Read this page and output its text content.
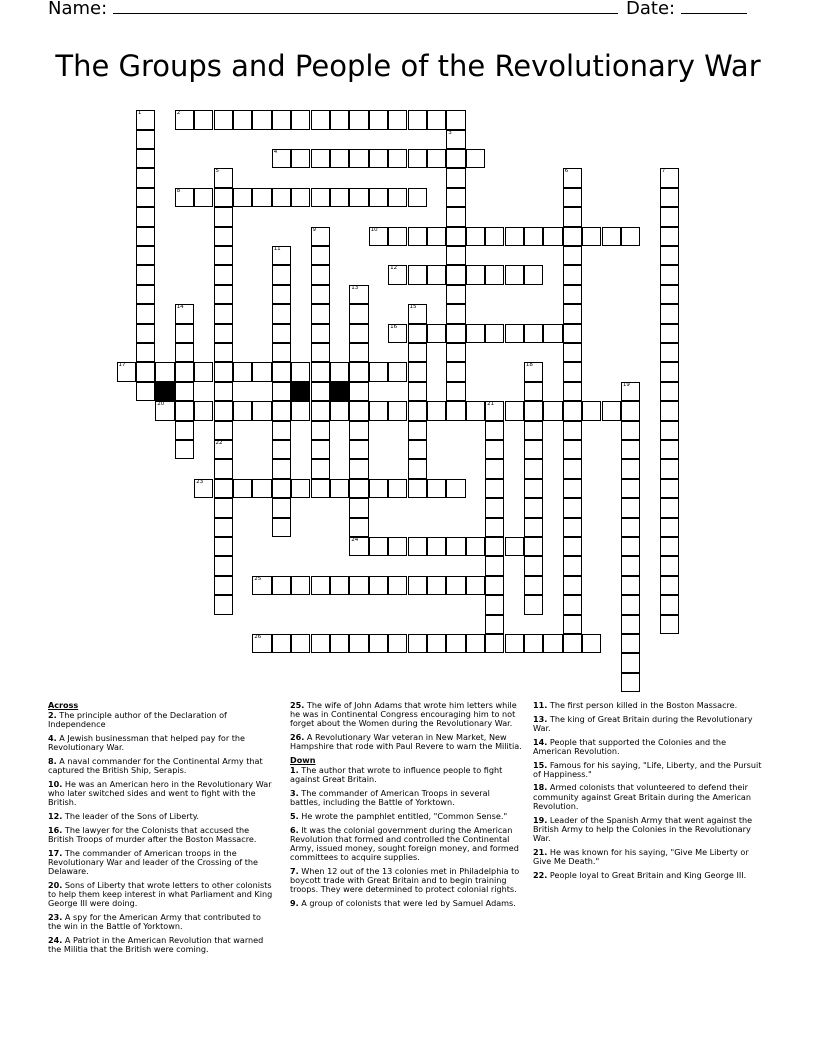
Name:	Date:
The Groups and People of the Revolutionary War
1	2
3
4
5
22
6	7
8
9	10
11
12
13
14	15
16
17	18
19
20	21
23
24
25
26

Across

2. The principle author of the Declaration of Independence

4. A Jewish businessman that helped pay for the Revolutionary War.

8. A naval commander for the Continental Army that captured the British Ship, Serapis.

10. He was an American hero in the Revolutionary War who later switched sides and went to fight with the British.

12. The leader of the Sons of Liberty.

16. The lawyer for the Colonists that accused the British Troops of murder after the Boston Massacre.

17. The commander of American troops in the Revolutionary War and leader of the Crossing of the Delaware.

20. Sons of Liberty that wrote letters to other colonists to help them keep interest in what Parliament and King George III were doing.

23. A spy for the American Army that contributed to the win in the Battle of Yorktown.

24. A Patriot in the American Revolution that warned the Militia that the British were coming.

25. The wife of John Adams that wrote him letters while he was in Continental Congress encouraging him to not forget about the Women during the Revolutionary War.

26. A Revolutionary War veteran in New Market, New Hampshire that rode with Paul Revere to warn the Militia.

Down

1. The author that wrote to influence people to fight against Great Britain.

3. The commander of American Troops in several battles, including the Battle of Yorktown.

5. He wrote the pamphlet entitled, "Common Sense."

6. It was the colonial government during the American Revolution that formed and controlled the Continental Army, issued money, sought foreign money, and formed committees to acquire supplies.

7. When 12 out of the 13 colonies met in Philadelphia to boycott trade with Great Britain and to begin training troops. They were determined to protect colonial rights.

9. A group of colonists that were led by Samuel Adams.

11. The first person killed in the Boston Massacre.

13. The king of Great Britain during the Revolutionary War.

14. People that supported the Colonies and the American Revolution.

15. Famous for his saying, "Life, Liberty, and the Pursuit of Happiness."

18. Armed colonists that volunteered to defend their community against Great Britain during the American Revolution.

19. Leader of the Spanish Army that went against the British Army to help the Colonies in the Revolutionary War.

21. He was known for his saying, "Give Me Liberty or Give Me Death."

22. People loyal to Great Britain and King George III.
